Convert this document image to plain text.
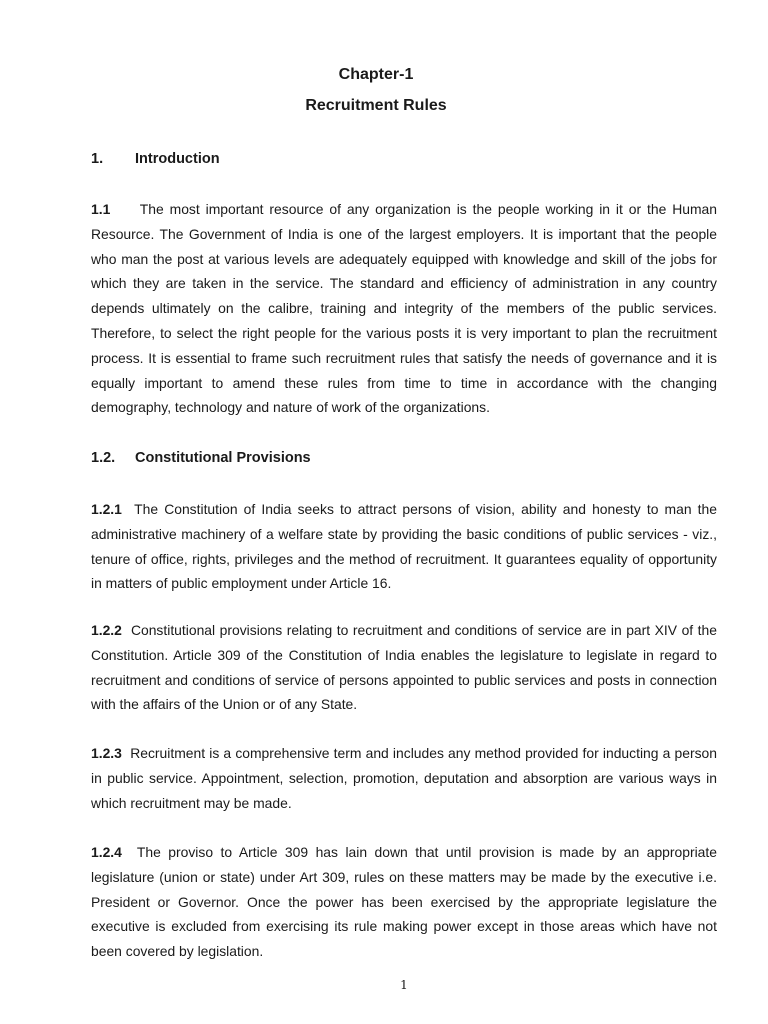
Chapter-1
Recruitment Rules
1. Introduction

1.1 The most important resource of any organization is the people working in it or the Human Resource. The Government of India is one of the largest employers. It is important that the people who man the post at various levels are adequately equipped with knowledge and skill of the jobs for which they are taken in the service. The standard and efficiency of administration in any country depends ultimately on the calibre, training and integrity of the members of the public services. Therefore, to select the right people for the various posts it is very important to plan the recruitment process. It is essential to frame such recruitment rules that satisfy the needs of governance and it is equally important to amend these rules from time to time in accordance with the changing demography, technology and nature of work of the organizations.

1.2. Constitutional Provisions

1.2.1 The Constitution of India seeks to attract persons of vision, ability and honesty to man the administrative machinery of a welfare state by providing the basic conditions of public services - viz., tenure of office, rights, privileges and the method of recruitment. It guarantees equality of opportunity in matters of public employment under Article 16.

1.2.2 Constitutional provisions relating to recruitment and conditions of service are in part XIV of the Constitution. Article 309 of the Constitution of India enables the legislature to legislate in regard to recruitment and conditions of service of persons appointed to public services and posts in connection with the affairs of the Union or of any State.

1.2.3 Recruitment is a comprehensive term and includes any method provided for inducting a person in public service. Appointment, selection, promotion, deputation and absorption are various ways in which recruitment may be made.

1.2.4 The proviso to Article 309 has lain down that until provision is made by an appropriate legislature (union or state) under Art 309, rules on these matters may be made by the executive i.e. President or Governor. Once the power has been exercised by the appropriate legislature the executive is excluded from exercising its rule making power except in those areas which have not been covered by legislation.

1
